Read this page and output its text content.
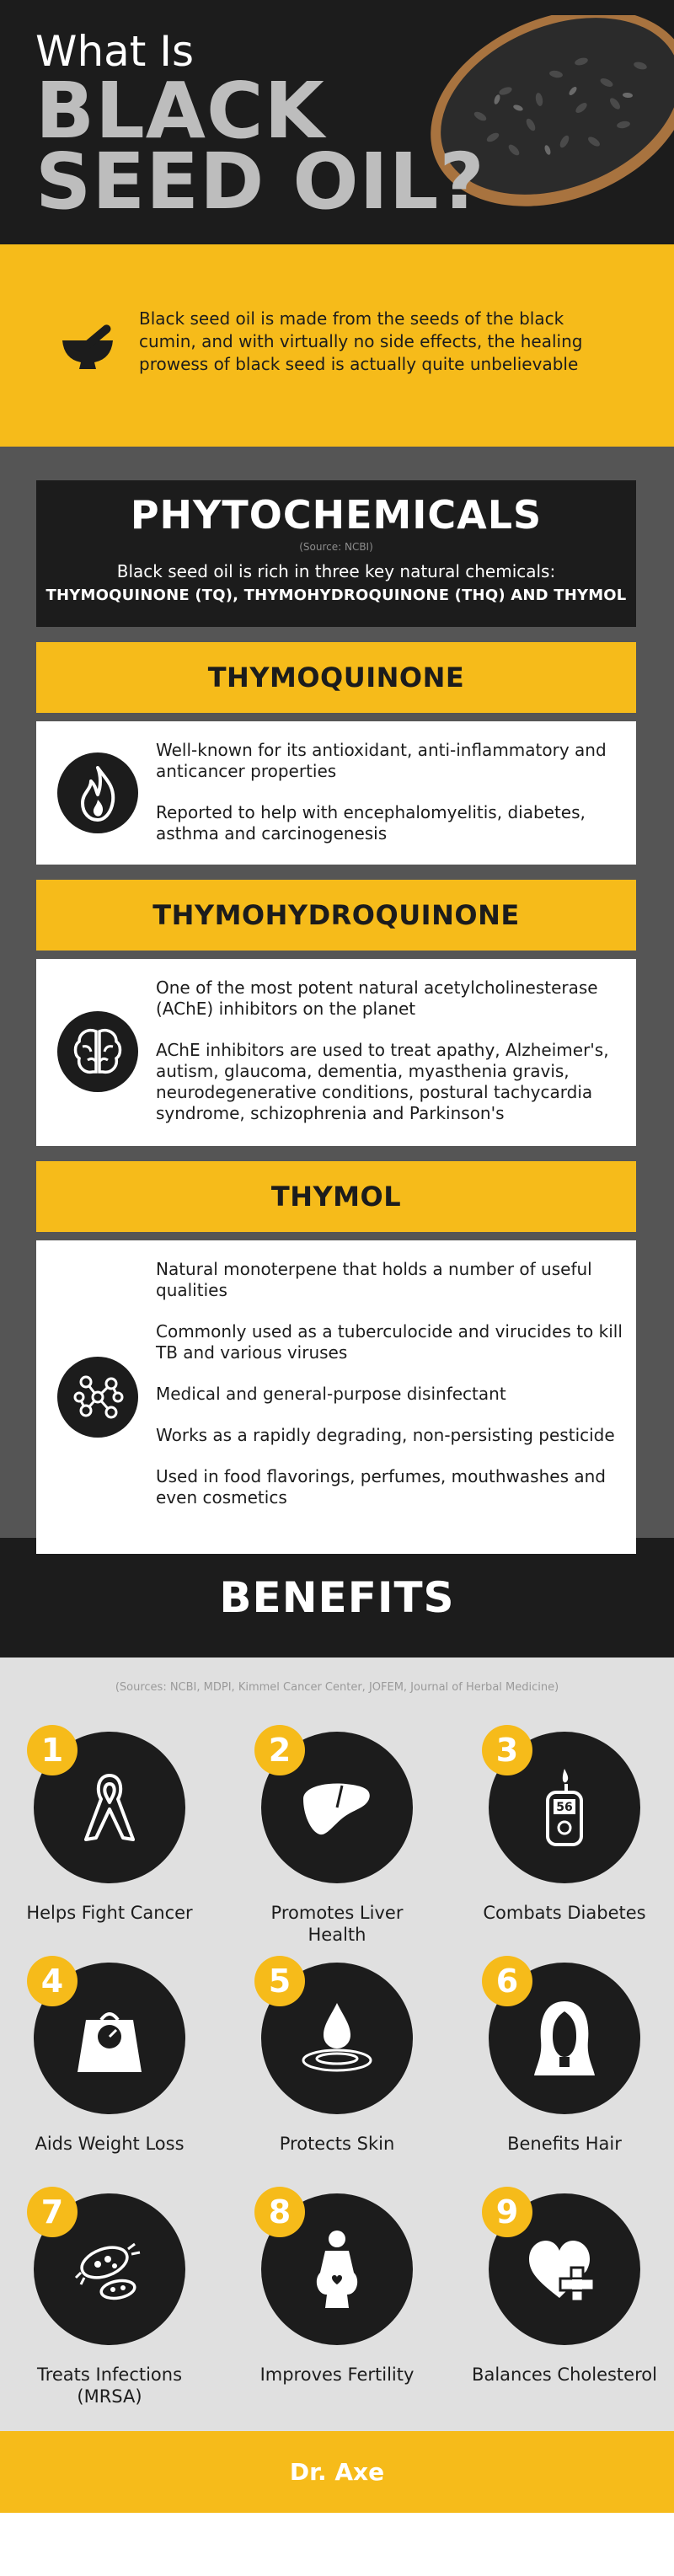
What Is
BLACK
SEED OIL?
Black seed oil is made from the seeds of the black cumin, and with virtually no side effects, the healing prowess of black seed is actually quite unbelievable
PHYTOCHEMICALS
(Source: NCBI)
Black seed oil is rich in three key natural chemicals:
THYMOQUINONE (TQ), THYMOHYDROQUINONE (THQ) AND THYMOL
THYMOQUINONE

Well-known for its antioxidant, anti-inflammatory and anticancer properties

Reported to help with encephalomyelitis, diabetes, asthma and carcinogenesis

THYMOHYDROQUINONE

One of the most potent natural acetylcholinesterase (AChE) inhibitors on the planet

AChE inhibitors are used to treat apathy, Alzheimer's, autism, glaucoma, dementia, myasthenia gravis, neurodegenerative conditions, postural tachycardia syndrome, schizophrenia and Parkinson's

THYMOL

Natural monoterpene that holds a number of useful qualities

Commonly used as a tuberculocide and virucides to kill TB and various viruses

Medical and general-purpose disinfectant

Works as a rapidly degrading, non-persisting pesticide

Used in food flavorings, perfumes, mouthwashes and even cosmetics

BENEFITS
(Sources: NCBI, MDPI, Kimmel Cancer Center, JOFEM, Journal of Herbal Medicine)
1
Helps Fight Cancer
2
Promotes Liver Health
56
3
Combats Diabetes
4
Aids Weight Loss
5
Protects Skin
6
Benefits Hair
7
Treats Infections (MRSA)
8
Improves Fertility
9
Balances Cholesterol
Dr. Axe
